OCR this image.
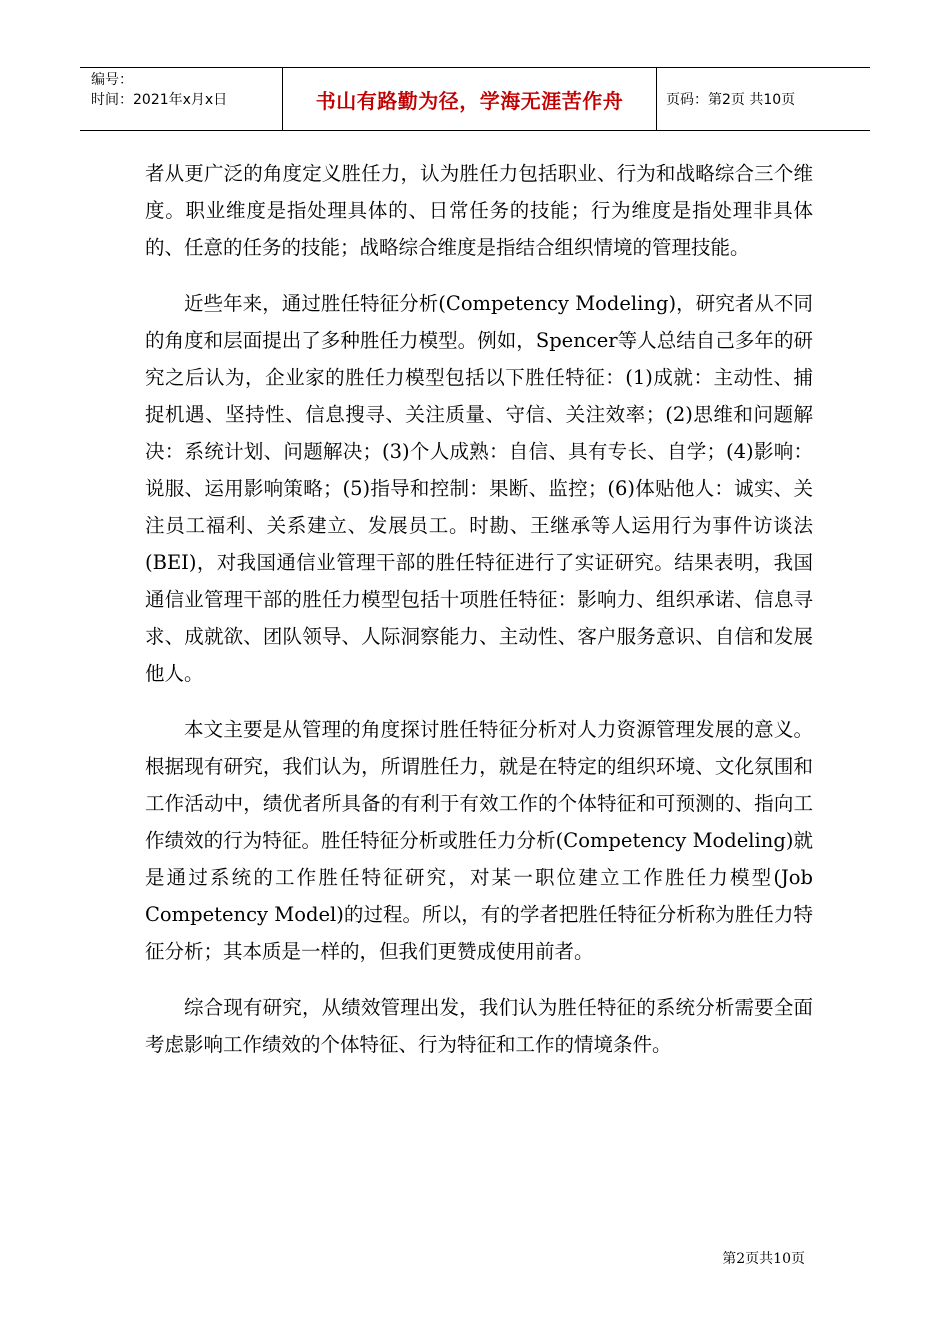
编号：
时间：2021年x月x日	书山有路勤为径，学海无涯苦作舟	页码：第2页 共10页

者从更广泛的角度定义胜任力，认为胜任力包括职业、行为和战略综合三个维度。职业维度是指处理具体的、日常任务的技能；行为维度是指处理非具体的、任意的任务的技能；战略综合维度是指结合组织情境的管理技能。

近些年来，通过胜任特征分析(Competency Modeling)，研究者从不同的角度和层面提出了多种胜任力模型。例如，Spencer等人总结自己多年的研究之后认为，企业家的胜任力模型包括以下胜任特征：(1)成就：主动性、捕捉机遇、坚持性、信息搜寻、关注质量、守信、关注效率；(2)思维和问题解决：系统计划、问题解决；(3)个人成熟：自信、具有专长、自学；(4)影响：说服、运用影响策略；(5)指导和控制：果断、监控；(6)体贴他人：诚实、关注员工福利、关系建立、发展员工。时勘、王继承等人运用行为事件访谈法(BEI)，对我国通信业管理干部的胜任特征进行了实证研究。结果表明，我国通信业管理干部的胜任力模型包括十项胜任特征：影响力、组织承诺、信息寻求、成就欲、团队领导、人际洞察能力、主动性、客户服务意识、自信和发展他人。

本文主要是从管理的角度探讨胜任特征分析对人力资源管理发展的意义。根据现有研究，我们认为，所谓胜任力，就是在特定的组织环境、文化氛围和工作活动中，绩优者所具备的有利于有效工作的个体特征和可预测的、指向工作绩效的行为特征。胜任特征分析或胜任力分析(Competency Modeling)就是通过系统的工作胜任特征研究，对某一职位建立工作胜任力模型(Job Competency Model)的过程。所以，有的学者把胜任特征分析称为胜任力特征分析；其本质是一样的，但我们更赞成使用前者。

综合现有研究，从绩效管理出发，我们认为胜任特征的系统分析需要全面考虑影响工作绩效的个体特征、行为特征和工作的情境条件。

第2页共10页
